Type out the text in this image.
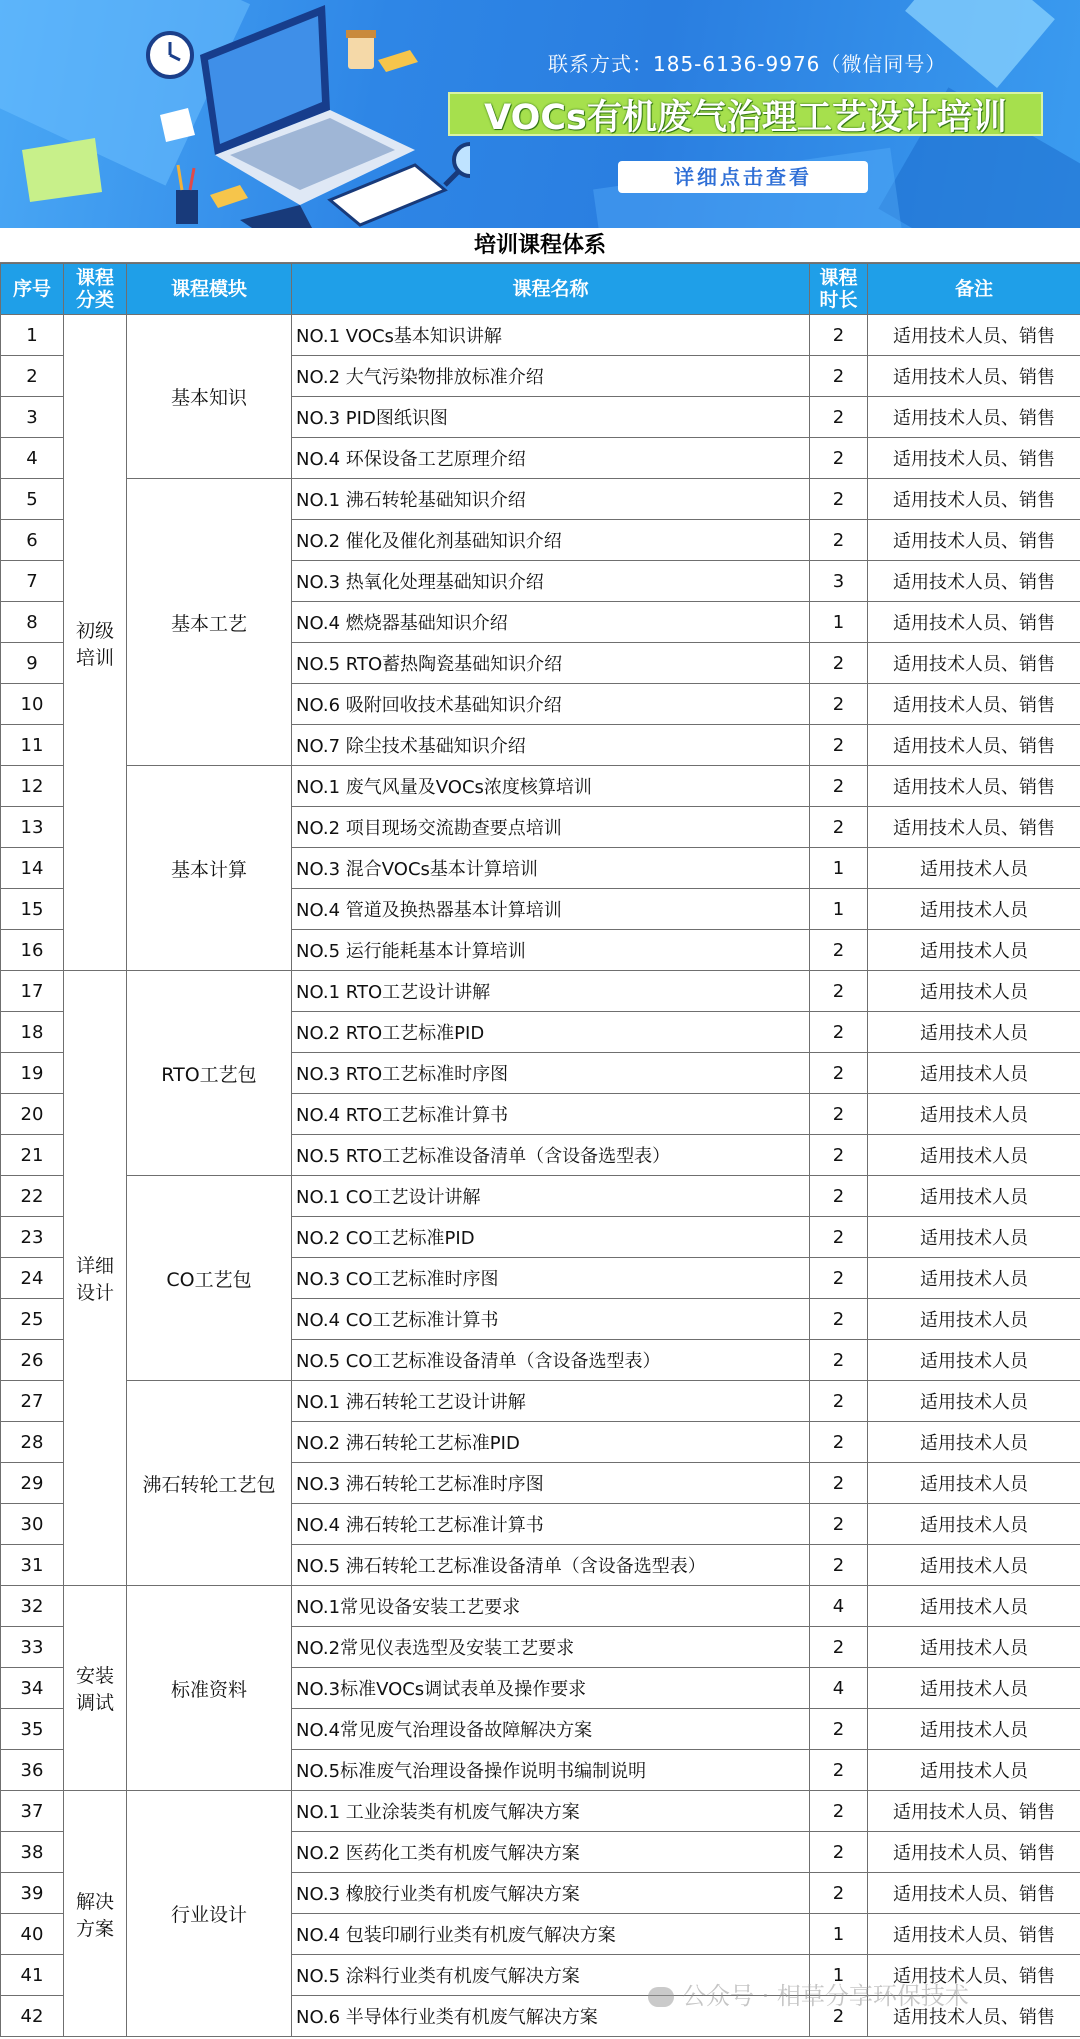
联系方式：185-6136-9976（微信同号）
VOCs有机废气治理工艺设计培训
详细点击查看
培训课程体系
序号	课程分类	课程模块	课程名称	课程时长	备注
1	初级培训	基本知识	NO.1 VOCs基本知识讲解	2	适用技术人员、销售
2			NO.2 大气污染物排放标准介绍	2	适用技术人员、销售
3			NO.3 PID图纸识图	2	适用技术人员、销售
4			NO.4 环保设备工艺原理介绍	2	适用技术人员、销售
5		基本工艺	NO.1 沸石转轮基础知识介绍	2	适用技术人员、销售
6			NO.2 催化及催化剂基础知识介绍	2	适用技术人员、销售
7			NO.3 热氧化处理基础知识介绍	3	适用技术人员、销售
8			NO.4 燃烧器基础知识介绍	1	适用技术人员、销售
9			NO.5 RTO蓄热陶瓷基础知识介绍	2	适用技术人员、销售
10			NO.6 吸附回收技术基础知识介绍	2	适用技术人员、销售
11			NO.7 除尘技术基础知识介绍	2	适用技术人员、销售
12		基本计算	NO.1 废气风量及VOCs浓度核算培训	2	适用技术人员、销售
13			NO.2 项目现场交流勘查要点培训	2	适用技术人员、销售
14			NO.3 混合VOCs基本计算培训	1	适用技术人员
15			NO.4 管道及换热器基本计算培训	1	适用技术人员
16			NO.5 运行能耗基本计算培训	2	适用技术人员
17	详细设计	RTO工艺包	NO.1 RTO工艺设计讲解	2	适用技术人员
18			NO.2 RTO工艺标准PID	2	适用技术人员
19			NO.3 RTO工艺标准时序图	2	适用技术人员
20			NO.4 RTO工艺标准计算书	2	适用技术人员
21			NO.5 RTO工艺标准设备清单（含设备选型表）	2	适用技术人员
22		CO工艺包	NO.1 CO工艺设计讲解	2	适用技术人员
23			NO.2 CO工艺标准PID	2	适用技术人员
24			NO.3 CO工艺标准时序图	2	适用技术人员
25			NO.4 CO工艺标准计算书	2	适用技术人员
26			NO.5 CO工艺标准设备清单（含设备选型表）	2	适用技术人员
27		沸石转轮工艺包	NO.1 沸石转轮工艺设计讲解	2	适用技术人员
28			NO.2 沸石转轮工艺标准PID	2	适用技术人员
29			NO.3 沸石转轮工艺标准时序图	2	适用技术人员
30			NO.4 沸石转轮工艺标准计算书	2	适用技术人员
31			NO.5 沸石转轮工艺标准设备清单（含设备选型表）	2	适用技术人员
32	安装调试	标准资料	NO.1常见设备安装工艺要求	4	适用技术人员
33			NO.2常见仪表选型及安装工艺要求	2	适用技术人员
34			NO.3标准VOCs调试表单及操作要求	4	适用技术人员
35			NO.4常见废气治理设备故障解决方案	2	适用技术人员
36			NO.5标准废气治理设备操作说明书编制说明	2	适用技术人员
37	解决方案	行业设计	NO.1 工业涂装类有机废气解决方案	2	适用技术人员、销售
38			NO.2 医药化工类有机废气解决方案	2	适用技术人员、销售
39			NO.3 橡胶行业类有机废气解决方案	2	适用技术人员、销售
40			NO.4 包装印刷行业类有机废气解决方案	1	适用技术人员、销售
41			NO.5 涂料行业类有机废气解决方案	1	适用技术人员、销售
42			NO.6 半导体行业类有机废气解决方案	2	适用技术人员、销售
公众号 · 相草分享环保技术
